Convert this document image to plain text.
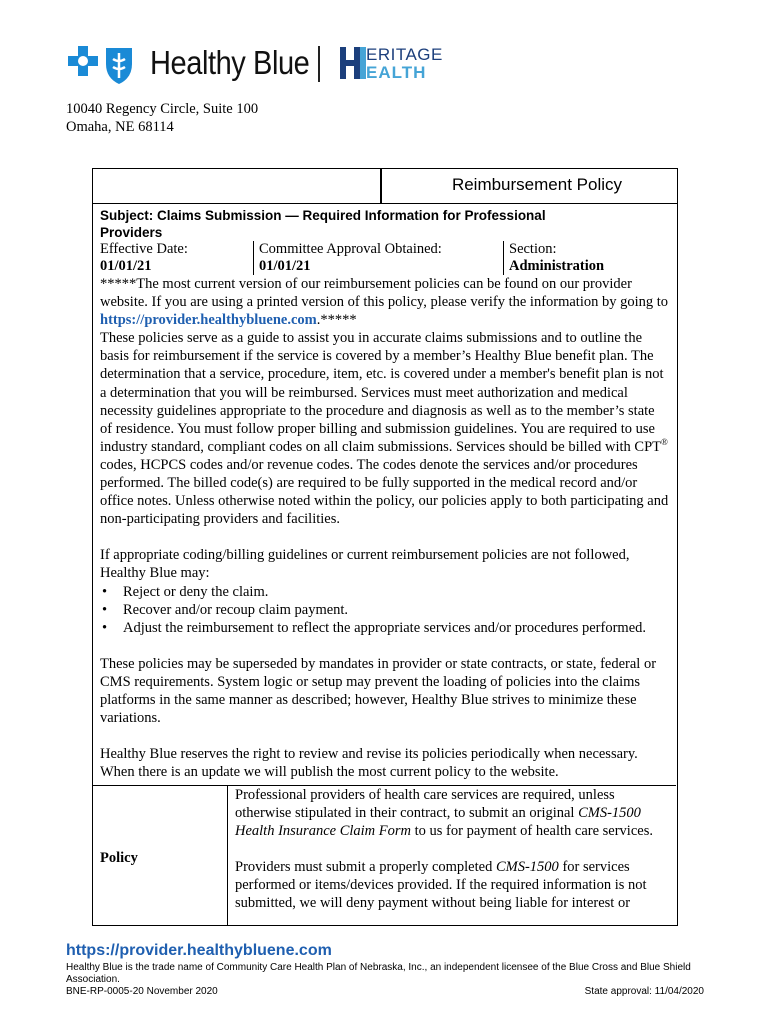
Healthy Blue	ERITAGE
EALTH
10040 Regency Circle, Suite 100
Omaha, NE 68114
Reimbursement Policy
Subject: Claims Submission — Required Information for Professional
Providers
Effective Date:
01/01/21
Committee Approval Obtained:
01/01/21
Section:
Administration

*****The most current version of our reimbursement policies can be found on our provider website. If you are using a printed version of this policy, please verify the information by going to https://provider.healthybluene.com.*****

These policies serve as a guide to assist you in accurate claims submissions and to outline the basis for reimbursement if the service is covered by a member’s Healthy Blue benefit plan. The determination that a service, procedure, item, etc. is covered under a member's benefit plan is not a determination that you will be reimbursed. Services must meet authorization and medical necessity guidelines appropriate to the procedure and diagnosis as well as to the member’s state of residence. You must follow proper billing and submission guidelines. You are required to use industry standard, compliant codes on all claim submissions. Services should be billed with CPT® codes, HCPCS codes and/or revenue codes. The codes denote the services and/or procedures performed. The billed code(s) are required to be fully supported in the medical record and/or office notes. Unless otherwise noted within the policy, our policies apply to both participating and non-participating providers and facilities.

If appropriate coding/billing guidelines or current reimbursement policies are not followed, Healthy Blue may:

• Reject or deny the claim.
• Recover and/or recoup claim payment.
• Adjust the reimbursement to reflect the appropriate services and/or procedures performed.

These policies may be superseded by mandates in provider or state contracts, or state, federal or CMS requirements. System logic or setup may prevent the loading of policies into the claims platforms in the same manner as described; however, Healthy Blue strives to minimize these variations.

Healthy Blue reserves the right to review and revise its policies periodically when necessary. When there is an update we will publish the most current policy to the website.

Policy

Professional providers of health care services are required, unless otherwise stipulated in their contract, to submit an original CMS-1500 Health Insurance Claim Form to us for payment of health care services.

Providers must submit a properly completed CMS-1500 for services performed or items/devices provided. If the required information is not submitted, we will deny payment without being liable for interest or

https://provider.healthybluene.com
Healthy Blue is the trade name of Community Care Health Plan of Nebraska, Inc., an independent licensee of the Blue Cross and Blue Shield Association.
BNE-RP-0005-20 November 2020	State approval: 11/04/2020
